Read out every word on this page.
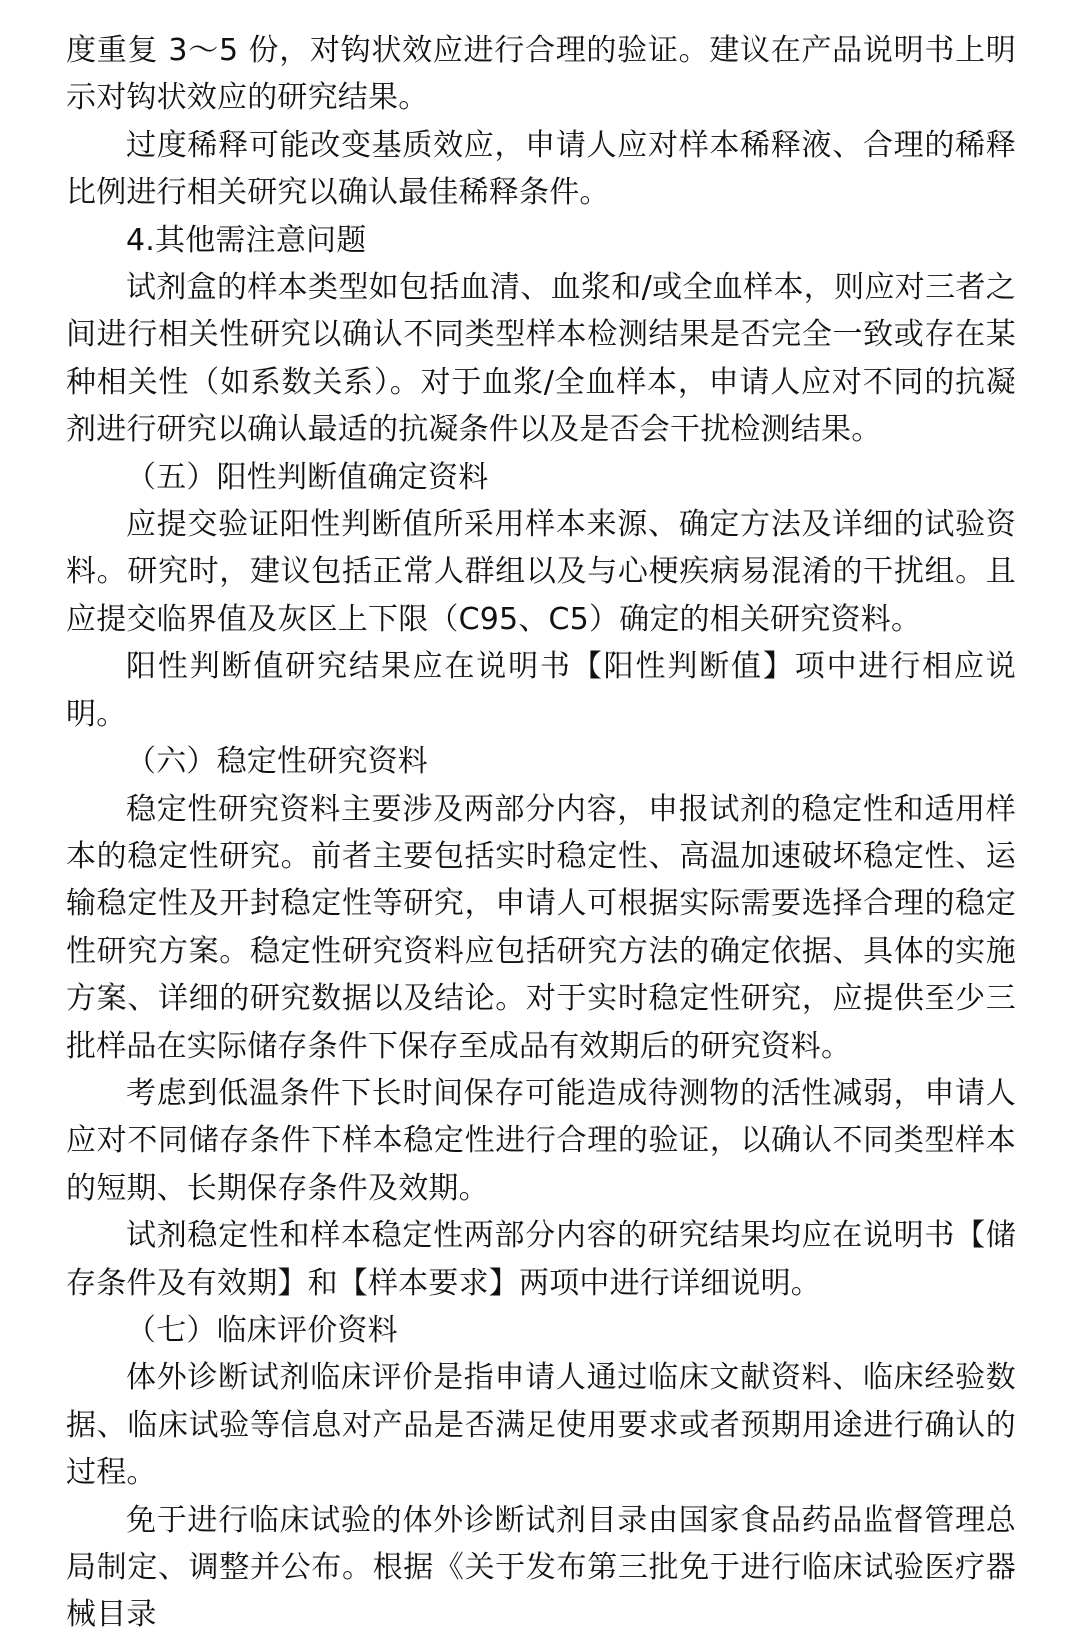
度重复 3～5 份，对钩状效应进行合理的验证。建议在产品说明书上明示对钩状效应的研究结果。

过度稀释可能改变基质效应，申请人应对样本稀释液、合理的稀释比例进行相关研究以确认最佳稀释条件。

4.其他需注意问题

试剂盒的样本类型如包括血清、血浆和/或全血样本，则应对三者之间进行相关性研究以确认不同类型样本检测结果是否完全一致或存在某种相关性（如系数关系）。对于血浆/全血样本，申请人应对不同的抗凝剂进行研究以确认最适的抗凝条件以及是否会干扰检测结果。

（五）阳性判断值确定资料

应提交验证阳性判断值所采用样本来源、确定方法及详细的试验资料。研究时，建议包括正常人群组以及与心梗疾病易混淆的干扰组。且应提交临界值及灰区上下限（C95、C5）确定的相关研究资料。

阳性判断值研究结果应在说明书【阳性判断值】项中进行相应说明。

（六）稳定性研究资料

稳定性研究资料主要涉及两部分内容，申报试剂的稳定性和适用样本的稳定性研究。前者主要包括实时稳定性、高温加速破坏稳定性、运输稳定性及开封稳定性等研究，申请人可根据实际需要选择合理的稳定性研究方案。稳定性研究资料应包括研究方法的确定依据、具体的实施方案、详细的研究数据以及结论。对于实时稳定性研究，应提供至少三批样品在实际储存条件下保存至成品有效期后的研究资料。

考虑到低温条件下长时间保存可能造成待测物的活性减弱，申请人应对不同储存条件下样本稳定性进行合理的验证，以确认不同类型样本的短期、长期保存条件及效期。

试剂稳定性和样本稳定性两部分内容的研究结果均应在说明书【储存条件及有效期】和【样本要求】两项中进行详细说明。

（七）临床评价资料

体外诊断试剂临床评价是指申请人通过临床文献资料、临床经验数据、临床试验等信息对产品是否满足使用要求或者预期用途进行确认的过程。

免于进行临床试验的体外诊断试剂目录由国家食品药品监督管理总局制定、调整并公布。根据《关于发布第三批免于进行临床试验医疗器械目录
